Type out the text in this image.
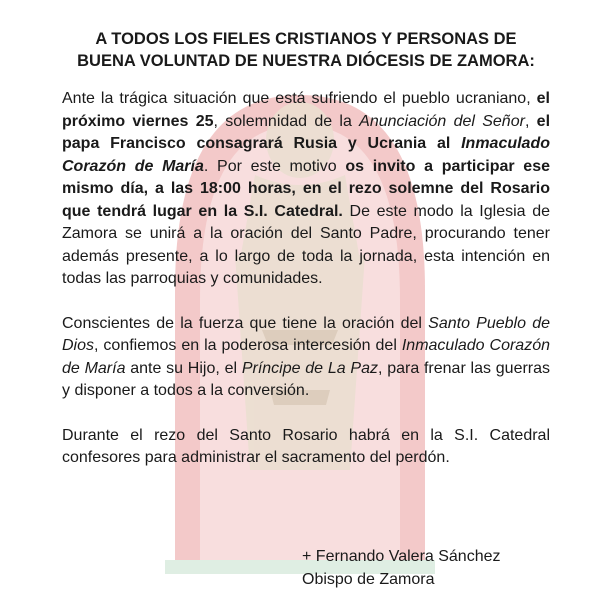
A TODOS LOS FIELES CRISTIANOS Y PERSONAS DE
BUENA VOLUNTAD DE NUESTRA DIÓCESIS DE ZAMORA:

Ante la trágica situación que está sufriendo el pueblo ucraniano, el próximo viernes 25, solemnidad de la Anunciación del Señor, el papa Francisco consagrará Rusia y Ucrania al Inmaculado Corazón de María. Por este motivo os invito a participar ese mismo día, a las 18:00 horas, en el rezo solemne del Rosario que tendrá lugar en la S.I. Catedral. De este modo la Iglesia de Zamora se unirá a la oración del Santo Padre, procurando tener además presente, a lo largo de toda la jornada, esta intención en todas las parroquias y comunidades.

Conscientes de la fuerza que tiene la oración del Santo Pueblo de Dios, confiemos en la poderosa intercesión del Inmaculado Corazón de María ante su Hijo, el Príncipe de La Paz, para frenar las guerras y disponer a todos a la conversión.

Durante el rezo del Santo Rosario habrá en la S.I. Catedral confesores para administrar el sacramento del perdón.

+ Fernando Valera Sánchez
Obispo de Zamora
